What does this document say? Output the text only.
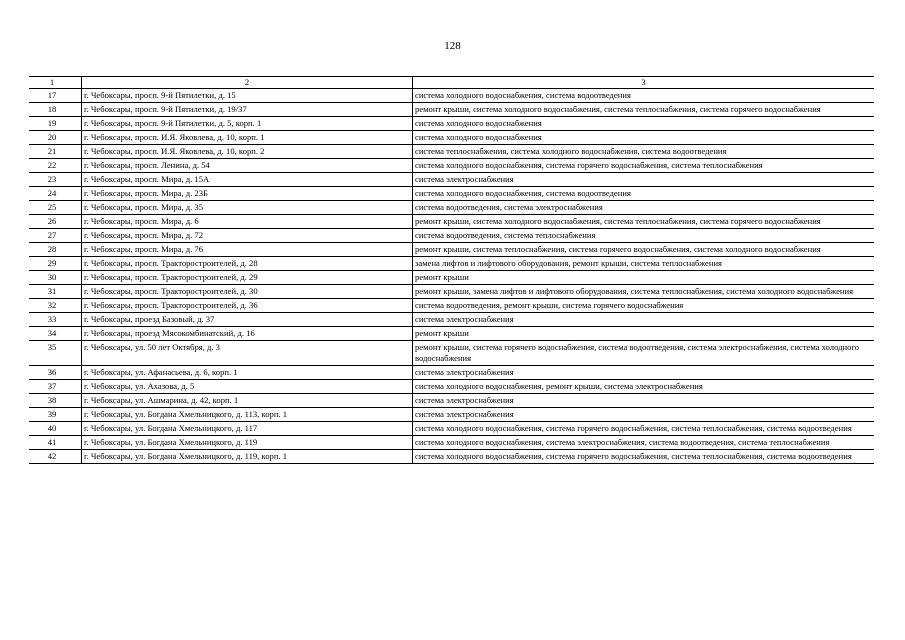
128
1	2	3
17	г. Чебоксары, просп. 9-й Пятилетки, д. 15	система холодного водоснабжения, система водоотведения
18	г. Чебоксары, просп. 9-й Пятилетки, д. 19/37	ремонт крыши, система холодного водоснабжения, система теплоснабжения, система горячего водоснабжения
19	г. Чебоксары, просп. 9-й Пятилетки, д. 5, корп. 1	система холодного водоснабжения
20	г. Чебоксары, просп. И.Я. Яковлева, д. 10, корп. 1	система холодного водоснабжения
21	г. Чебоксары, просп. И.Я. Яковлева, д. 10, корп. 2	система теплоснабжения, система холодного водоснабжения, система водоотведения
22	г. Чебоксары, просп. Ленина, д. 54	система холодного водоснабжения, система горячего водоснабжения, система теплоснабжения
23	г. Чебоксары, просп. Мира, д. 15А	система электроснабжения
24	г. Чебоксары, просп. Мира, д. 23Б	система холодного водоснабжения, система водоотведения
25	г. Чебоксары, просп. Мира, д. 35	система водоотведения, система электроснабжения
26	г. Чебоксары, просп. Мира, д. 6	ремонт крыши, система холодного водоснабжения, система теплоснабжения, система горячего водоснабжения
27	г. Чебоксары, просп. Мира, д. 72	система водоотведения, система теплоснабжения
28	г. Чебоксары, просп. Мира, д. 76	ремонт крыши, система теплоснабжения, система горячего водоснабжения, система холодного водоснабжения
29	г. Чебоксары, просп. Тракторостроителей, д. 28	замена лифтов и лифтового оборудования, ремонт крыши, система теплоснабжения
30	г. Чебоксары, просп. Тракторостроителей, д. 29	ремонт крыши
31	г. Чебоксары, просп. Тракторостроителей, д. 30	ремонт крыши, замена лифтов и лифтового оборудования, система теплоснабжения, система холодного водоснабжения
32	г. Чебоксары, просп. Тракторостроителей, д. 36	система водоотведения, ремонт крыши, система горячего водоснабжения
33	г. Чебоксары, проезд Базовый, д. 37	система электроснабжения
34	г. Чебоксары, проезд Мясокомбинатский, д. 16	ремонт крыши
35	г. Чебоксары, ул. 50 лет Октября, д. 3	ремонт крыши, система горячего водоснабжения, система водоотведения, система электроснабжения, система холодного водоснабжения
36	г. Чебоксары, ул. Афанасьева, д. 6, корп. 1	система электроснабжения
37	г. Чебоксары, ул. Ахазова, д. 5	система холодного водоснабжения, ремонт крыши, система электроснабжения
38	г. Чебоксары, ул. Ашмарина, д. 42, корп. 1	система электроснабжения
39	г. Чебоксары, ул. Богдана Хмельницкого, д. 113, корп. 1	система электроснабжения
40	г. Чебоксары, ул. Богдана Хмельницкого, д. 117	система холодного водоснабжения, система горячего водоснабжения, система теплоснабжения, система водоотведения
41	г. Чебоксары, ул. Богдана Хмельницкого, д. 119	система холодного водоснабжения, система электроснабжения, система водоотведения, система теплоснабжения
42	г. Чебоксары, ул. Богдана Хмельницкого, д. 119, корп. 1	система холодного водоснабжения, система горячего водоснабжения, система теплоснабжения, система водоотведения
